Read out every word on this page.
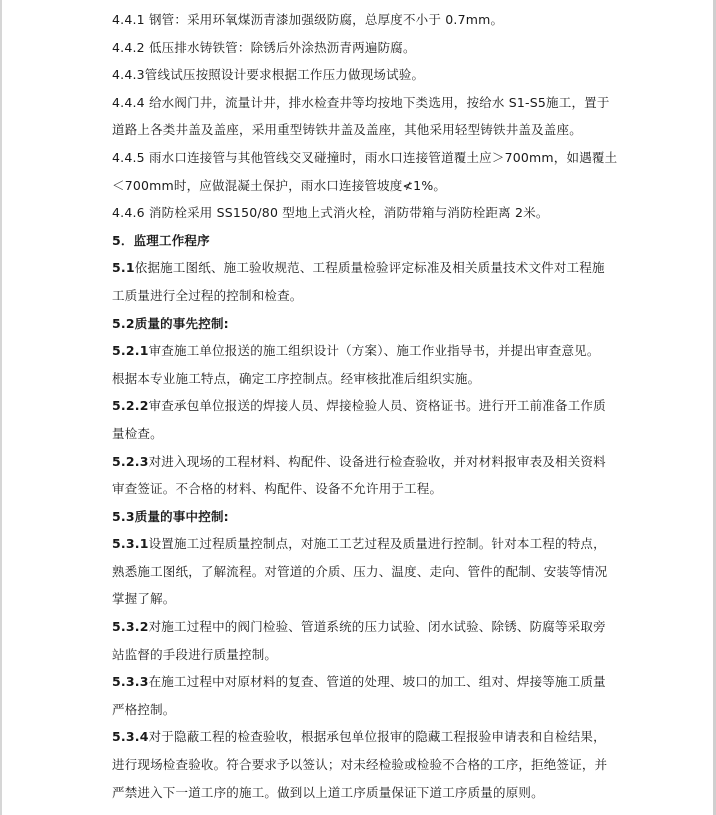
4.4.1 钢管：采用环氧煤沥青漆加强级防腐，总厚度不小于 0.7mm。
4.4.2 低压排水铸铁管：除锈后外涂热沥青两遍防腐。
4.4.3管线试压按照设计要求根据工作压力做现场试验。
4.4.4 给水阀门井，流量计井，排水检查井等均按地下类选用，按给水 S1-S5施工，置于
道路上各类井盖及盖座，采用重型铸铁井盖及盖座，其他采用轻型铸铁井盖及盖座。
4.4.5 雨水口连接管与其他管线交叉碰撞时，雨水口连接管道覆土应＞700mm，如遇覆土
＜700mm时，应做混凝土保护，雨水口连接管坡度≮1%。
4.4.6 消防栓采用 SS150/80 型地上式消火栓，消防带箱与消防栓距离 2米。
5．监理工作程序
5.1依据施工图纸、施工验收规范、工程质量检验评定标准及相关质量技术文件对工程施
工质量进行全过程的控制和检查。
5.2质量的事先控制:
5.2.1审查施工单位报送的施工组织设计（方案）、施工作业指导书，并提出审查意见。
根据本专业施工特点，确定工序控制点。经审核批准后组织实施。
5.2.2审查承包单位报送的焊接人员、焊接检验人员、资格证书。进行开工前准备工作质
量检查。
5.2.3对进入现场的工程材料、构配件、设备进行检查验收，并对材料报审表及相关资料
审查签证。不合格的材料、构配件、设备不允许用于工程。
5.3质量的事中控制:
5.3.1设置施工过程质量控制点，对施工工艺过程及质量进行控制。针对本工程的特点，
熟悉施工图纸，了解流程。对管道的介质、压力、温度、走向、管件的配制、安装等情况
掌握了解。
5.3.2对施工过程中的阀门检验、管道系统的压力试验、闭水试验、除锈、防腐等采取旁
站监督的手段进行质量控制。
5.3.3在施工过程中对原材料的复查、管道的处理、坡口的加工、组对、焊接等施工质量
严格控制。
5.3.4对于隐蔽工程的检查验收，根据承包单位报审的隐藏工程报验申请表和自检结果，
进行现场检查验收。符合要求予以签认；对未经检验或检验不合格的工序，拒绝签证，并
严禁进入下一道工序的施工。做到以上道工序质量保证下道工序质量的原则。
